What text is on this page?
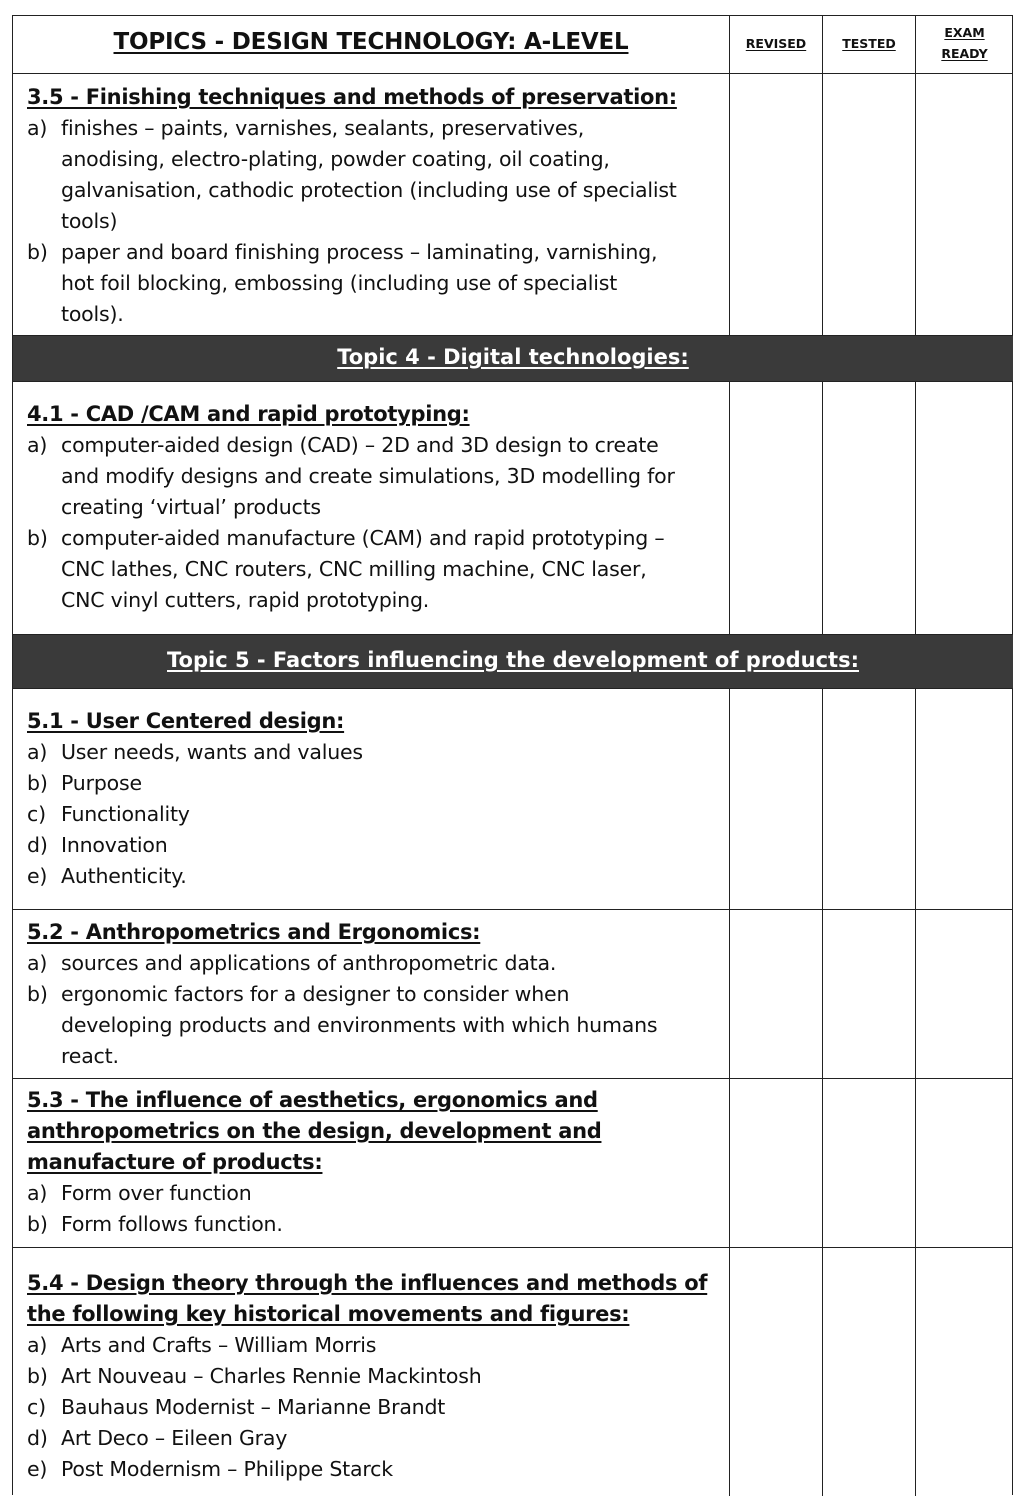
TOPICS - DESIGN TECHNOLOGY: A-LEVEL	REVISED	TESTED
EXAM
READY
3.5 - Finishing techniques and methods of preservation:
a) finishes – paints, varnishes, sealants, preservatives,
anodising, electro-plating, powder coating, oil coating,
galvanisation, cathodic protection (including use of specialist
tools)
b) paper and board finishing process – laminating, varnishing,
hot foil blocking, embossing (including use of specialist
tools).
Topic 4 - Digital technologies:
4.1 - CAD /CAM and rapid prototyping:
a) computer-aided design (CAD) – 2D and 3D design to create
and modify designs and create simulations, 3D modelling for
creating ‘virtual’ products
b) computer-aided manufacture (CAM) and rapid prototyping –
CNC lathes, CNC routers, CNC milling machine, CNC laser,
CNC vinyl cutters, rapid prototyping.
Topic 5 - Factors influencing the development of products:
5.1 - User Centered design:
a) User needs, wants and values
b) Purpose
c) Functionality
d) Innovation
e) Authenticity.
5.2 - Anthropometrics and Ergonomics:
a) sources and applications of anthropometric data.
b) ergonomic factors for a designer to consider when
developing products and environments with which humans
react.
5.3 - The influence of aesthetics, ergonomics and
anthropometrics on the design, development and
manufacture of products:
a) Form over function
b) Form follows function.
5.4 - Design theory through the influences and methods of
the following key historical movements and figures:
a) Arts and Crafts – William Morris
b) Art Nouveau – Charles Rennie Mackintosh
c) Bauhaus Modernist – Marianne Brandt
d) Art Deco – Eileen Gray
e) Post Modernism – Philippe Starck
